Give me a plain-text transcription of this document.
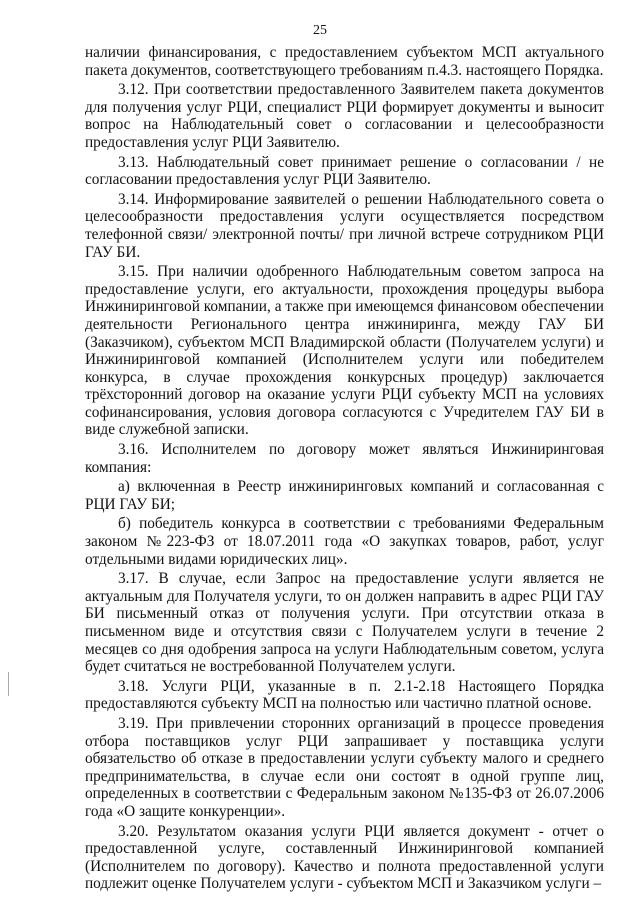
25

наличии финансирования, с предоставлением субъектом МСП актуального пакета документов, соответствующего требованиям п.4.3. настоящего Порядка.

3.12. При соответствии предоставленного Заявителем пакета документов для получения услуг РЦИ, специалист РЦИ формирует документы и выносит вопрос на Наблюдательный совет о согласовании и целесообразности предоставления услуг РЦИ Заявителю.

3.13. Наблюдательный совет принимает решение о согласовании / не согласовании предоставления услуг РЦИ Заявителю.

3.14. Информирование заявителей о решении Наблюдательного совета о целесообразности предоставления услуги осуществляется посредством телефонной связи/ электронной почты/ при личной встрече сотрудником РЦИ ГАУ БИ.

3.15. При наличии одобренного Наблюдательным советом запроса на предоставление услуги, его актуальности, прохождения процедуры выбора Инжиниринговой компании, а также при имеющемся финансовом обеспечении деятельности Регионального центра инжиниринга, между ГАУ БИ (Заказчиком), субъектом МСП Владимирской области (Получателем услуги) и Инжиниринговой компанией (Исполнителем услуги или победителем конкурса, в случае прохождения конкурсных процедур) заключается трёхсторонний договор на оказание услуги РЦИ субъекту МСП на условиях софинансирования, условия договора согласуются с Учредителем ГАУ БИ в виде служебной записки.

3.16. Исполнителем по договору может являться Инжиниринговая компания:

а) включенная в Реестр инжиниринговых компаний и согласованная с РЦИ ГАУ БИ;

б) победитель конкурса в соответствии с требованиями Федеральным законом №223-ФЗ от 18.07.2011 года «О закупках товаров, работ, услуг отдельными видами юридических лиц».

3.17. В случае, если Запрос на предоставление услуги является не актуальным для Получателя услуги, то он должен направить в адрес РЦИ ГАУ БИ письменный отказ от получения услуги. При отсутствии отказа в письменном виде и отсутствия связи с Получателем услуги в течение 2 месяцев со дня одобрения запроса на услуги Наблюдательным советом, услуга будет считаться не востребованной Получателем услуги.

3.18. Услуги РЦИ, указанные в п. 2.1-2.18 Настоящего Порядка предоставляются субъекту МСП на полностью или частично платной основе.

3.19. При привлечении сторонних организаций в процессе проведения отбора поставщиков услуг РЦИ запрашивает у поставщика услуги обязательство об отказе в предоставлении услуги субъекту малого и среднего предпринимательства, в случае если они состоят в одной группе лиц, определенных в соответствии с Федеральным законом №135-ФЗ от 26.07.2006 года «О защите конкуренции».

3.20. Результатом оказания услуги РЦИ является документ - отчет о предоставленной услуге, составленный Инжиниринговой компанией (Исполнителем по договору). Качество и полнота предоставленной услуги подлежит оценке Получателем услуги - субъектом МСП и Заказчиком услуги –
